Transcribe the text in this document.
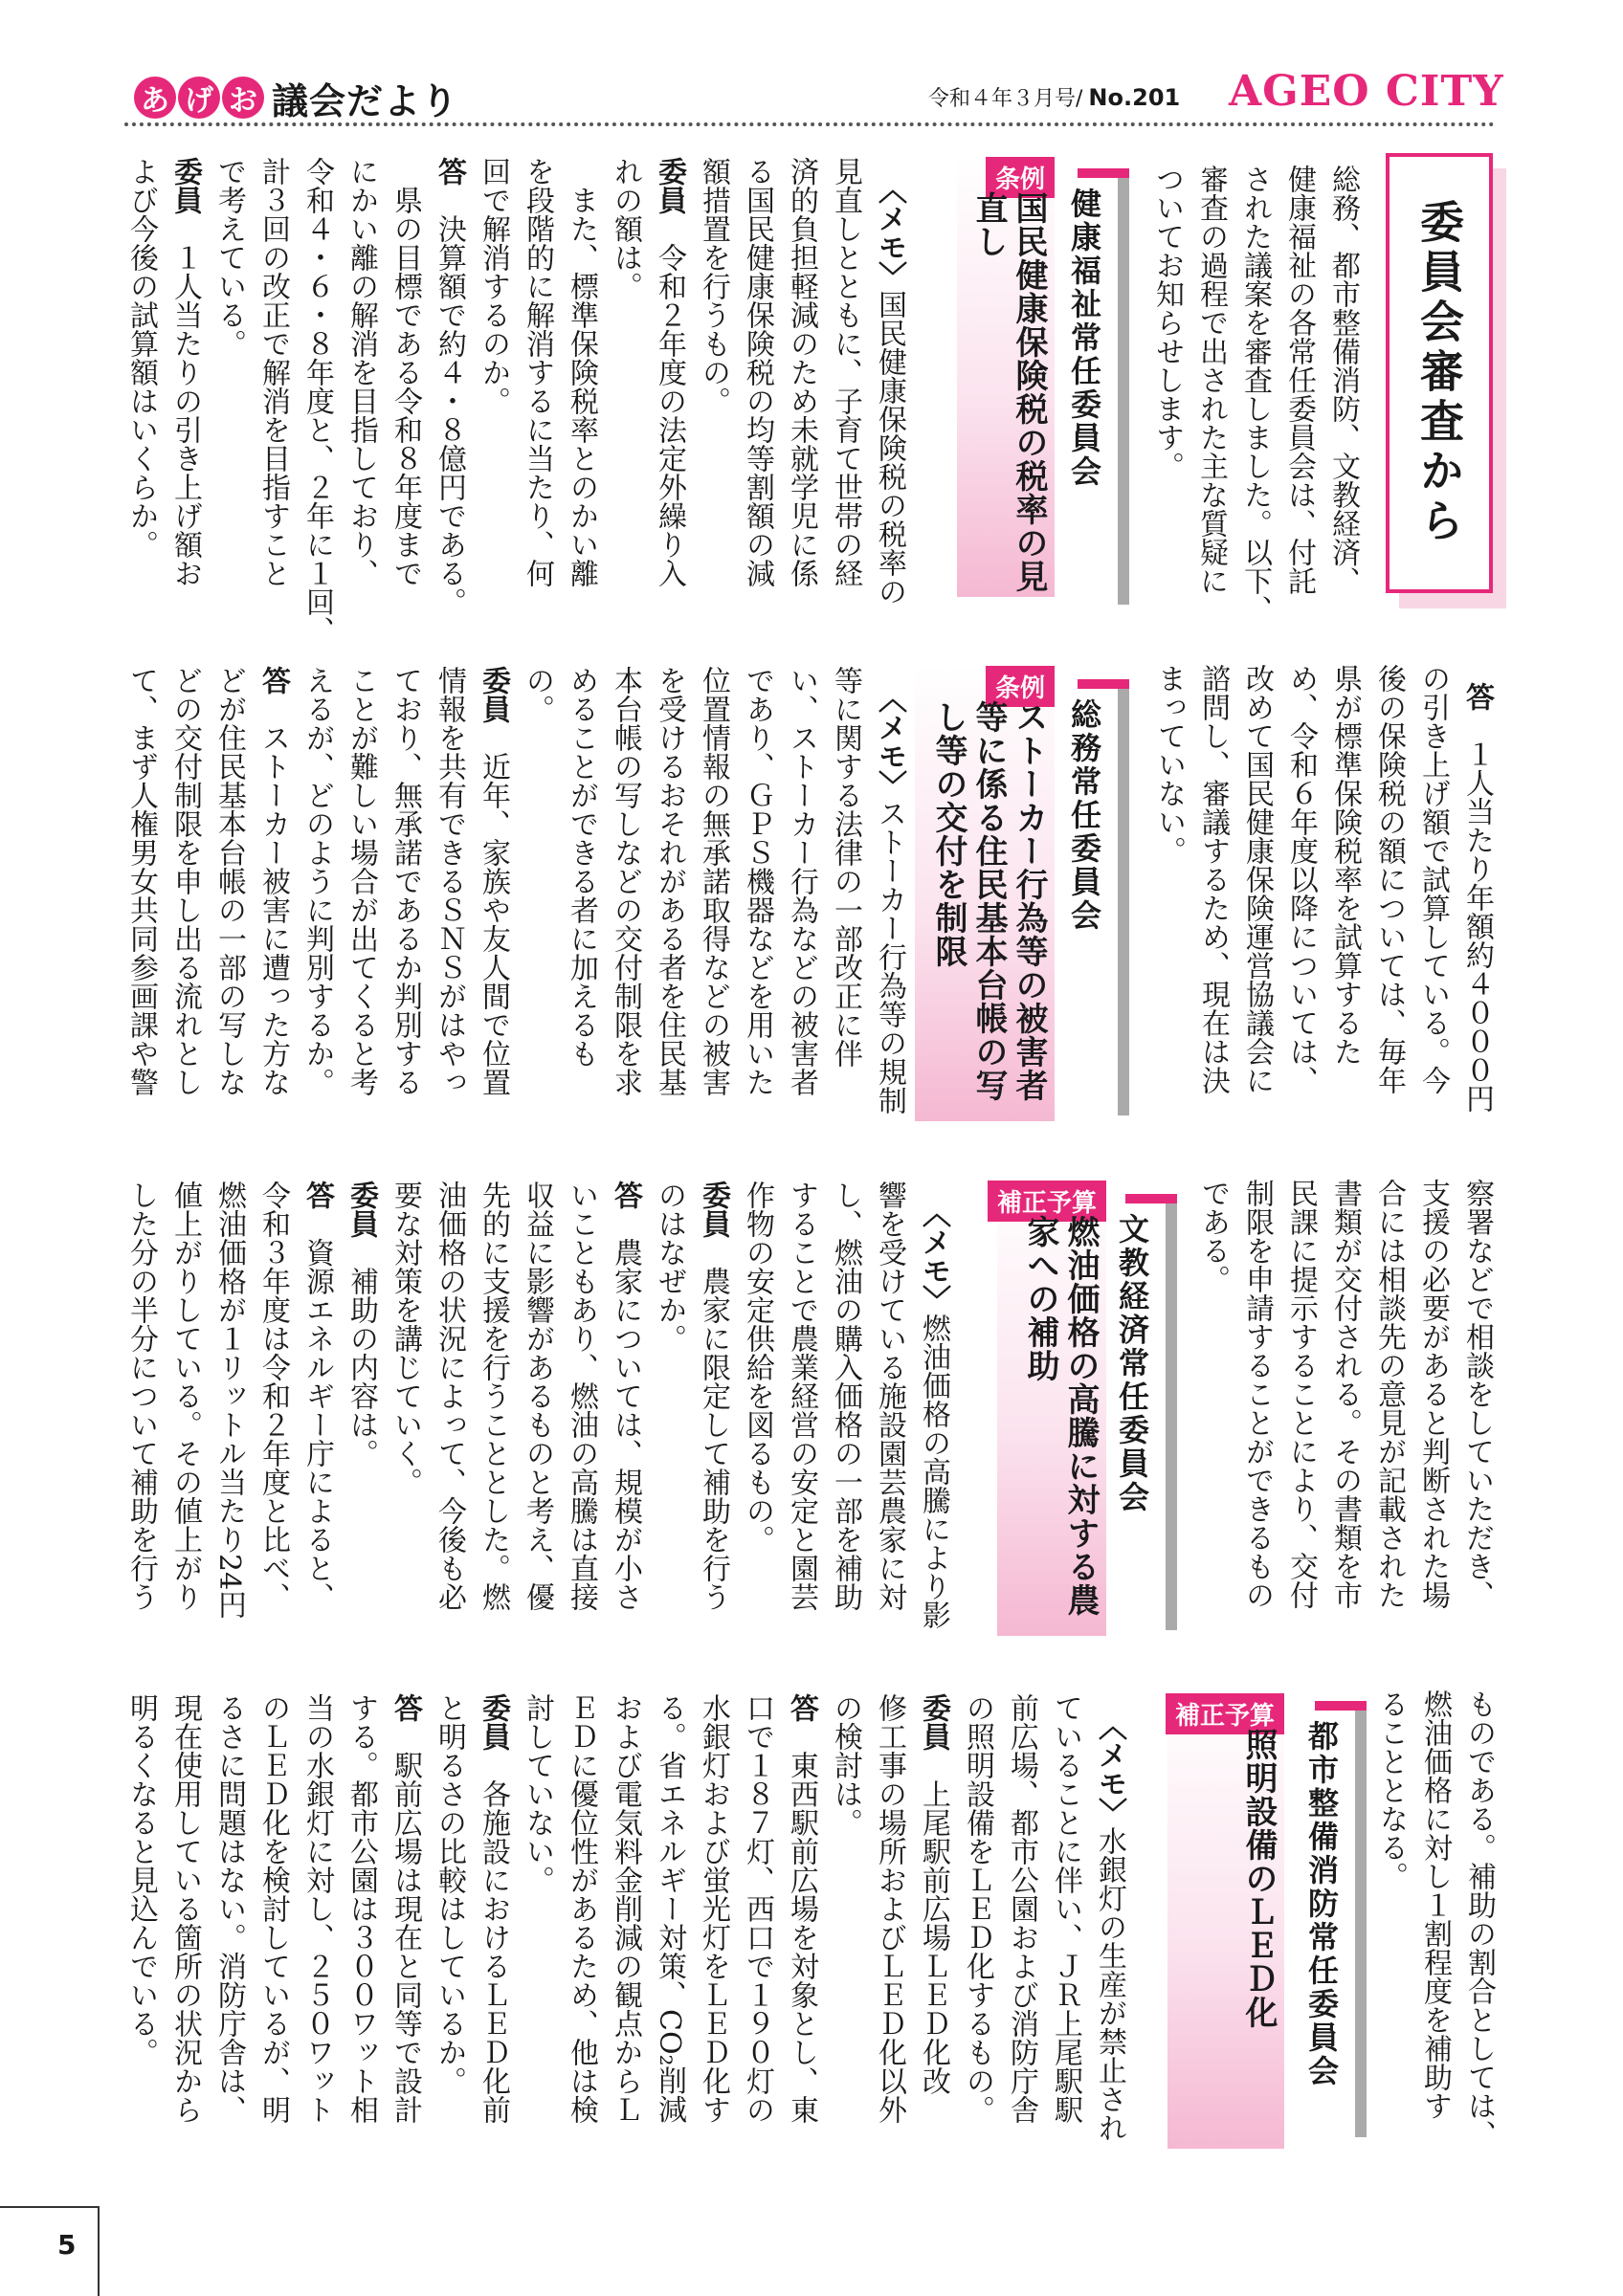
あ げ お 議会だより	令和４年３月号/ No.201 AGEO CITY
委員会審査から
総務、都市整備消防、文教経済、
健康福祉の各常任委員会は、付託
された議案を審査しました。以下、
審査の過程で出された主な質疑に
ついてお知らせします。
健康福祉常任委員会
条例
国民健康保険税の税率の見
直し

〈メモ〉国民健康保険税の税率の
見直しとともに、子育て世帯の経
済的負担軽減のため未就学児に係
る国民健康保険税の均等割額の減
額措置を行うもの。
委員　令和２年度の法定外繰り入
れの額は。
　また、標準保険税率とのかい離
を段階的に解消するに当たり、何
回で解消するのか。
答　決算額で約４・８億円である。
　県の目標である令和８年度まで
にかい離の解消を目指しており、
令和４・６・８年度と、２年に１回、
計３回の改正で解消を目指すこと
で考えている。
委員　１人当たりの引き上げ額お
よび今後の試算額はいくらか。

答　１人当たり年額約４０００円
の引き上げ額で試算している。今
後の保険税の額については、毎年
県が標準保険税率を試算するた
め、令和６年度以降については、
改めて国民健康保険運営協議会に
諮問し、審議するため、現在は決
まっていない。

総務常任委員会
条例
ストーカー行為等の被害者
等に係る住民基本台帳の写
し等の交付を制限

〈メモ〉ストーカー行為等の規制
等に関する法律の一部改正に伴
い、ストーカー行為などの被害者
であり、ＧＰＳ機器などを用いた
位置情報の無承諾取得などの被害
を受けるおそれがある者を住民基
本台帳の写しなどの交付制限を求
めることができる者に加えるも
の。
委員　近年、家族や友人間で位置
情報を共有できるＳＮＳがはやっ
ており、無承諾であるか判別する
ことが難しい場合が出てくると考
えるが、どのように判別するか。
答　ストーカー被害に遭った方な
どが住民基本台帳の一部の写しな
どの交付制限を申し出る流れとし
て、まず人権男女共同参画課や警

察署などで相談をしていただき、
支援の必要があると判断された場
合には相談先の意見が記載された
書類が交付される。その書類を市
民課に提示することにより、交付
制限を申請することができるもの
である。
文教経済常任委員会
補正予算
燃油価格の高騰に対する農
家への補助

〈メモ〉燃油価格の高騰により影
響を受けている施設園芸農家に対
し、燃油の購入価格の一部を補助
することで農業経営の安定と園芸
作物の安定供給を図るもの。
委員　農家に限定して補助を行う
のはなぜか。
答　農家については、規模が小さ
いこともあり、燃油の高騰は直接
収益に影響があるものと考え、優
先的に支援を行うこととした。燃
油価格の状況によって、今後も必
要な対策を講じていく。
委員　補助の内容は。
答　資源エネルギー庁によると、
令和３年度は令和２年度と比べ、
燃油価格が１リットル当たり24円
値上がりしている。その値上がり
した分の半分について補助を行う

ものである。補助の割合としては、
燃油価格に対し１割程度を補助す
ることとなる。
都市整備消防常任委員会
補正予算
照明設備のＬＥＤ化

〈メモ〉水銀灯の生産が禁止され
ていることに伴い、ＪＲ上尾駅駅
前広場、都市公園および消防庁舎
の照明設備をＬＥＤ化するもの。
委員　上尾駅前広場ＬＥＤ化改
修工事の場所およびＬＥＤ化以外
の検討は。
答　東西駅前広場を対象とし、東
口で１８７灯、西口で１９０灯の
水銀灯および蛍光灯をＬＥＤ化す
る。省エネルギー対策、CO₂削減
および電気料金削減の観点からＬ
ＥＤに優位性があるため、他は検
討していない。
委員　各施設におけるＬＥＤ化前
と明るさの比較はしているか。
答　駅前広場は現在と同等で設計
する。都市公園は３００ワット相
当の水銀灯に対し、２５０ワット
のＬＥＤ化を検討しているが、明
るさに問題はない。消防庁舎は、
現在使用している箇所の状況から
明るくなると見込んでいる。

5
